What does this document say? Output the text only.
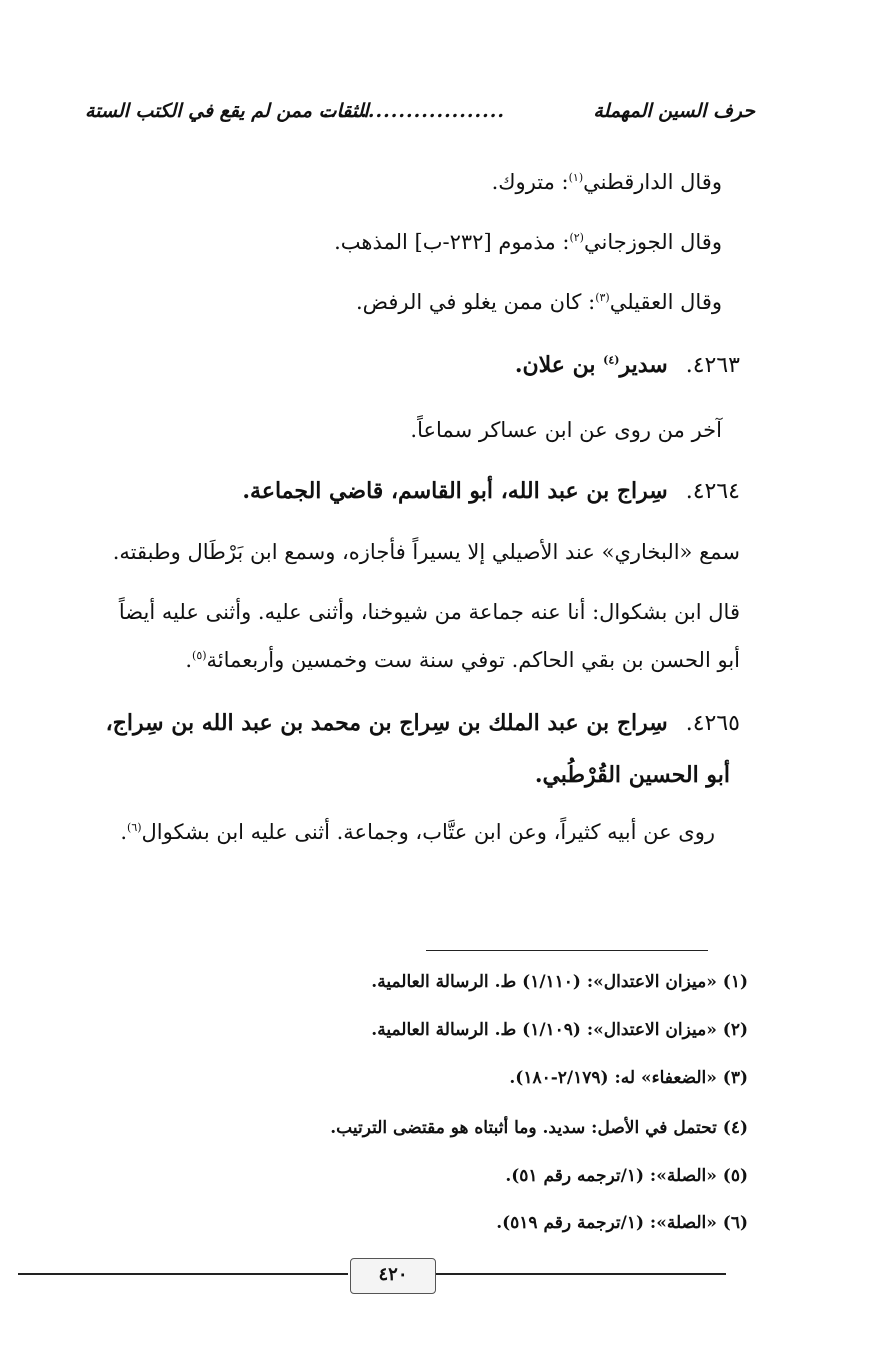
حرف السين المهملة
........................
الثقات ممن لم يقع في الكتب الستة
وقال الدارقطني$^{(١)}$: متروك.
وقال الجوزجاني$^{(٢)}$: مذموم [٢٣٢-ب] المذهب.
وقال العقيلي$^{(٣)}$: كان ممن يغلو في الرفض.
٤٢٦٣.سدير$^{(٤)}$ بن علان.
آخر من روى عن ابن عساكر سماعاً.
٤٢٦٤.سِراج بن عبد الله، أبو القاسم، قاضي الجماعة.
سمع «البخاري» عند الأصيلي إلا يسيراً فأجازه، وسمع ابن بَرْطَال وطبقته.
قال ابن بشكوال: أنا عنه جماعة من شيوخنا، وأثنى عليه. وأثنى عليه أيضاً
أبو الحسن بن بقي الحاكم. توفي سنة ست وخمسين وأربعمائة$^{(٥)}$.
٤٢٦٥.سِراج بن عبد الملك بن سِراج بن محمد بن عبد الله بن سِراج،
أبو الحسين القُرْطُبي.
روى عن أبيه كثيراً، وعن ابن عتَّاب، وجماعة. أثنى عليه ابن بشكوال$^{(٦)}$.
(١) «ميزان الاعتدال»: (١/١١٠) ط. الرسالة العالمية.
(٢) «ميزان الاعتدال»: (١/١٠٩) ط. الرسالة العالمية.
(٣) «الضعفاء» له: (٢/١٧٩-١٨٠).
(٤) تحتمل في الأصل: سديد. وما أثبتاه هو مقتضى الترتيب.
(٥) «الصلة»: (١/ترجمه رقم ٥١).
(٦) «الصلة»: (١/ترجمة رقم ٥١٩).
٤٢٠
